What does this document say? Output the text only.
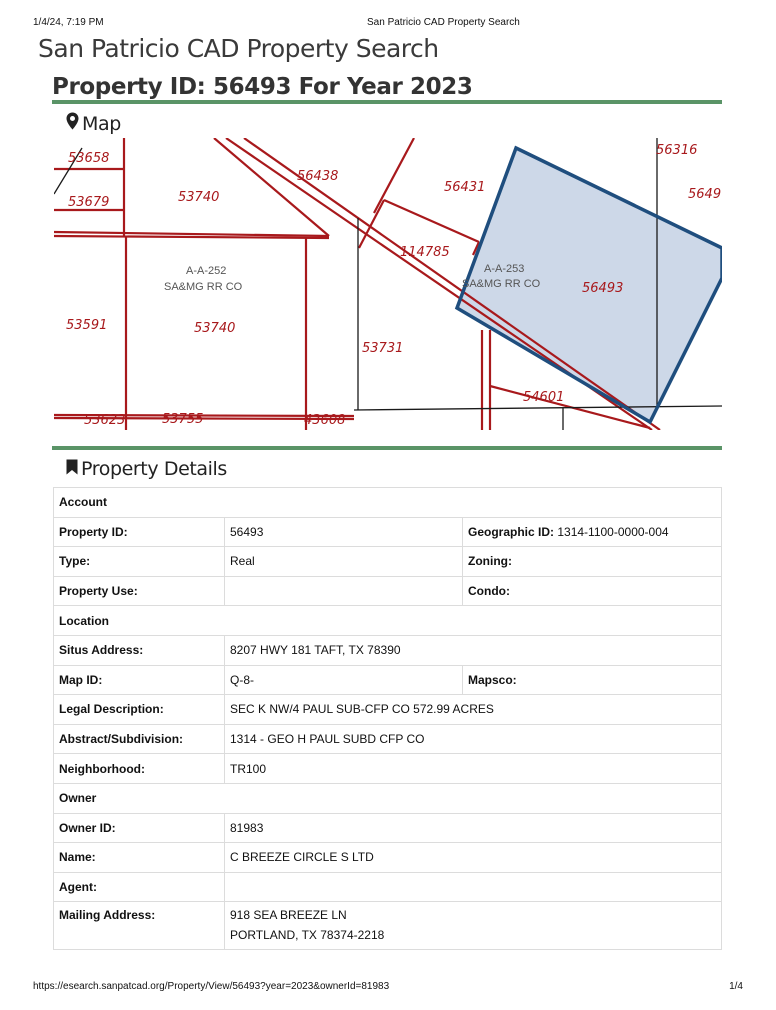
1/4/24, 7:19 PM	San Patricio CAD Property Search
San Patricio CAD Property Search
Property ID: 56493 For Year 2023
Map
53658
53679	53740
56438
56431
56316
5649
114785
56493
53591	53740
53731
54601
53623	53755	43608
A-A-252
SA&MG RR CO
A-A-253
SA&MG RR CO
Property Details
Account		
Property ID:	56493	Geographic ID: 1314-1100-0000-004
Type:	Real	Zoning:
Property Use:		Condo:
Location		
Situs Address:	8207 HWY 181 TAFT, TX 78390	
Map ID:	Q-8-	Mapsco:
Legal Description:	SEC K NW/4 PAUL SUB-CFP CO 572.99 ACRES	
Abstract/Subdivision:	1314 - GEO H PAUL SUBD CFP CO	
Neighborhood:	TR100	
Owner		
Owner ID:	81983	
Name:	C BREEZE CIRCLE S LTD	
Agent:		
Mailing Address:	918 SEA BREEZE LN
PORTLAND, TX 78374-2218	
https://esearch.sanpatcad.org/Property/View/56493?year=2023&ownerId=81983	1/4
